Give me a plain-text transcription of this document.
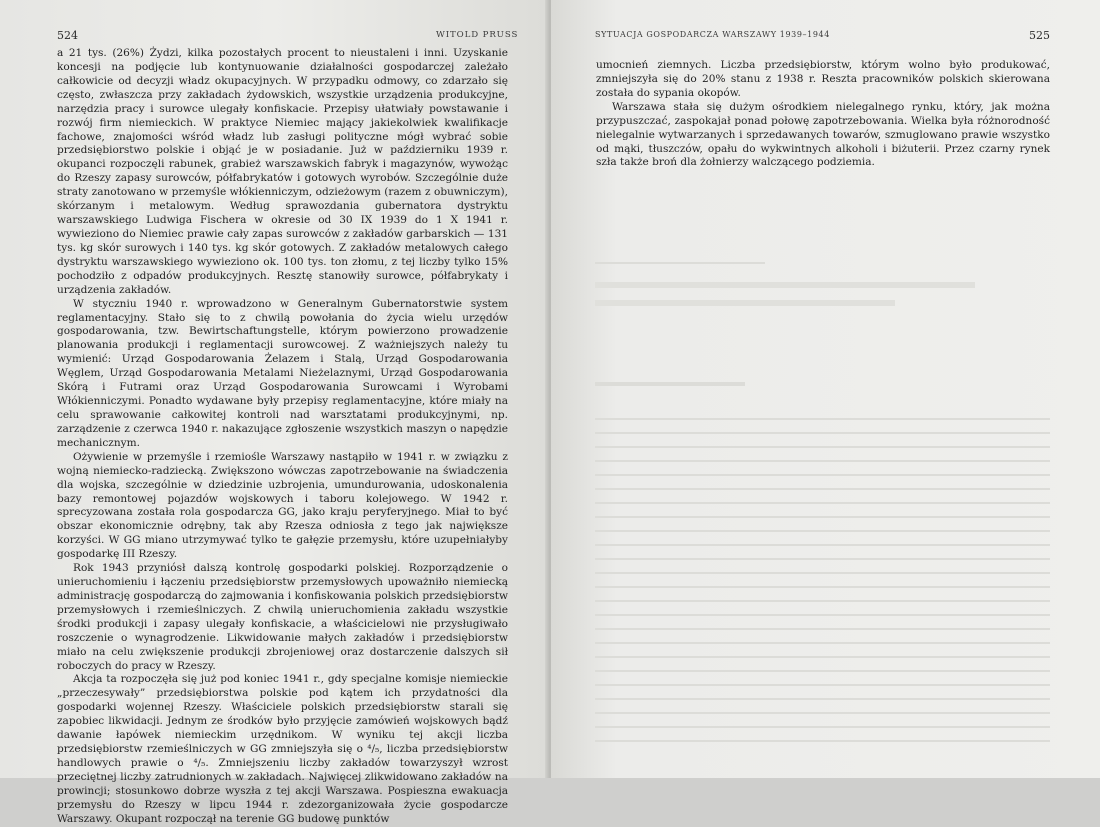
524	WITOLD PRUSS

a 21 tys. (26%) Żydzi, kilka pozostałych procent to nieustaleni i inni. Uzyskanie koncesji na podjęcie lub kontynuowanie działalności gospodarczej zależało całkowicie od decyzji władz okupacyjnych. W przypadku odmowy, co zdarzało się często, zwłaszcza przy zakładach żydowskich, wszystkie urządzenia produkcyjne, narzędzia pracy i surowce ulegały konfiskacie. Przepisy ułatwiały powstawanie i rozwój firm niemieckich. W praktyce Niemiec mający jakiekolwiek kwalifikacje fachowe, znajomości wśród władz lub zasługi polityczne mógł wybrać sobie przedsiębiorstwo polskie i objąć je w posiadanie. Już w październiku 1939 r. okupanci rozpoczęli rabunek, grabież warszawskich fabryk i magazynów, wywożąc do Rzeszy zapasy surowców, półfabrykatów i gotowych wyrobów. Szczególnie duże straty zanotowano w przemyśle włókienniczym, odzieżowym (razem z obuwniczym), skórzanym i metalowym. Według sprawozdania gubernatora dystryktu warszawskiego Ludwiga Fischera w okresie od 30 IX 1939 do 1 X 1941 r. wywieziono do Niemiec prawie cały zapas surowców z zakładów garbarskich — 131 tys. kg skór surowych i 140 tys. kg skór gotowych. Z zakładów metalowych całego dystryktu warszawskiego wywieziono ok. 100 tys. ton złomu, z tej liczby tylko 15% pochodziło z odpadów produkcyjnych. Resztę stanowiły surowce, półfabrykaty i urządzenia zakładów.

W styczniu 1940 r. wprowadzono w Generalnym Gubernatorstwie system reglamentacyjny. Stało się to z chwilą powołania do życia wielu urzędów gospodarowania, tzw. Bewirtschaftungstelle, którym powierzono prowadzenie planowania produkcji i reglamentacji surowcowej. Z ważniejszych należy tu wymienić: Urząd Gospodarowania Żelazem i Stalą, Urząd Gospodarowania Węglem, Urząd Gospodarowania Metalami Nieżelaznymi, Urząd Gospodarowania Skórą i Futrami oraz Urząd Gospodarowania Surowcami i Wyrobami Włókienniczymi. Ponadto wydawane były przepisy reglamentacyjne, które miały na celu sprawowanie całkowitej kontroli nad warsztatami produkcyjnymi, np. zarządzenie z czerwca 1940 r. nakazujące zgłoszenie wszystkich maszyn o napędzie mechanicznym.

Ożywienie w przemyśle i rzemiośle Warszawy nastąpiło w 1941 r. w związku z wojną niemiecko-radziecką. Zwiększono wówczas zapotrzebowanie na świadczenia dla wojska, szczególnie w dziedzinie uzbrojenia, umundurowania, udoskonalenia bazy remontowej pojazdów wojskowych i taboru kolejowego. W 1942 r. sprecyzowana została rola gospodarcza GG, jako kraju peryferyjnego. Miał to być obszar ekonomicznie odrębny, tak aby Rzesza odniosła z tego jak największe korzyści. W GG miano utrzymywać tylko te gałęzie przemysłu, które uzupełniałyby gospodarkę III Rzeszy.

Rok 1943 przyniósł dalszą kontrolę gospodarki polskiej. Rozporządzenie o unieruchomieniu i łączeniu przedsiębiorstw przemysłowych upoważniło niemiecką administrację gospodarczą do zajmowania i konfiskowania polskich przedsiębiorstw przemysłowych i rzemieślniczych. Z chwilą unieruchomienia zakładu wszystkie środki produkcji i zapasy ulegały konfiskacie, a właścicielowi nie przysługiwało roszczenie o wynagrodzenie. Likwidowanie małych zakładów i przedsiębiorstw miało na celu zwiększenie produkcji zbrojeniowej oraz dostarczenie dalszych sił roboczych do pracy w Rzeszy.

Akcja ta rozpoczęła się już pod koniec 1941 r., gdy specjalne komisje niemieckie „przeczesywały” przedsiębiorstwa polskie pod kątem ich przydatności dla gospodarki wojennej Rzeszy. Właściciele polskich przedsiębiorstw starali się zapobiec likwidacji. Jednym ze środków było przyjęcie zamówień wojskowych bądź dawanie łapówek niemieckim urzędnikom. W wyniku tej akcji liczba przedsiębiorstw rzemieślniczych w GG zmniejszyła się o ⁴/₅, liczba przedsiębiorstw handlowych prawie o ⁴/₅. Zmniejszeniu liczby zakładów towarzyszył wzrost przeciętnej liczby zatrudnionych w zakładach. Najwięcej zlikwidowano zakładów na prowincji; stosunkowo dobrze wyszła z tej akcji Warszawa. Pospieszna ewakuacja przemysłu do Rzeszy w lipcu 1944 r. zdezorganizowała życie gospodarcze Warszawy. Okupant rozpoczął na terenie GG budowę punktów

SYTUACJA GOSPODARCZA WARSZAWY 1939–1944	525

umocnień ziemnych. Liczba przedsiębiorstw, którym wolno było produkować, zmniejszyła się do 20% stanu z 1938 r. Reszta pracowników polskich skierowana została do sypania okopów.

Warszawa stała się dużym ośrodkiem nielegalnego rynku, który, jak można przypuszczać, zaspokajał ponad połowę zapotrzebowania. Wielka była różnorodność nielegalnie wytwarzanych i sprzedawanych towarów, szmuglowano prawie wszystko od mąki, tłuszczów, opału do wykwintnych alkoholi i biżuterii. Przez czarny rynek szła także broń dla żołnierzy walczącego podziemia.
